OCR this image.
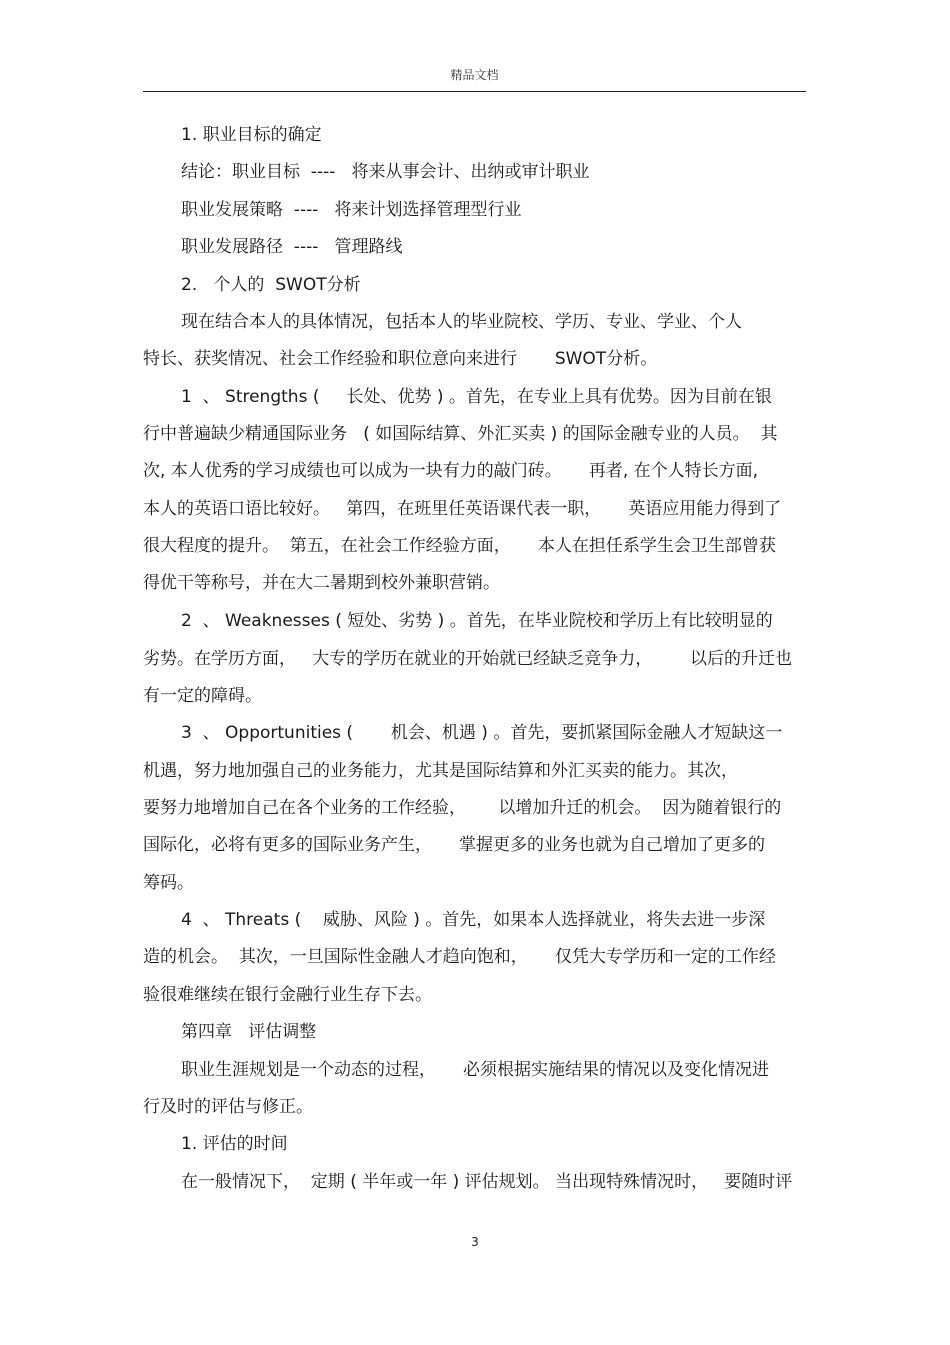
精品文档
1. 职业目标的确定
结论：职业目标  ----   将来从事会计、出纳或审计职业
职业发展策略  ----   将来计划选择管理型行业
职业发展路径  ----   管理路线
2.   个人的  SWOT分析
现在结合本人的具体情况，包括本人的毕业院校、学历、专业、学业、个人
特长、获奖情况、社会工作经验和职位意向来进行       SWOT分析。
1  、 Strengths (     长处、优势 ) 。首先，在专业上具有优势。因为目前在银
行中普遍缺少精通国际业务   ( 如国际结算、外汇买卖 ) 的国际金融专业的人员。  其
次, 本人优秀的学习成绩也可以成为一块有力的敲门砖。     再者, 在个人特长方面,
本人的英语口语比较好。   第四，在班里任英语课代表一职，     英语应用能力得到了
很大程度的提升。  第五，在社会工作经验方面，     本人在担任系学生会卫生部曾获
得优干等称号，并在大二暑期到校外兼职营销。
2  、 Weaknesses ( 短处、劣势 ) 。首先，在毕业院校和学历上有比较明显的
劣势。在学历方面，   大专的学历在就业的开始就已经缺乏竞争力，       以后的升迁也
有一定的障碍。
3  、 Opportunities (       机会、机遇 ) 。首先，要抓紧国际金融人才短缺这一
机遇，努力地加强自己的业务能力，尤其是国际结算和外汇买卖的能力。其次，
要努力地增加自己在各个业务的工作经验，      以增加升迁的机会。  因为随着银行的
国际化，必将有更多的国际业务产生，     掌握更多的业务也就为自己增加了更多的
筹码。
4  、 Threats (    威胁、风险 ) 。首先，如果本人选择就业，将失去进一步深
造的机会。  其次，一旦国际性金融人才趋向饱和，     仅凭大专学历和一定的工作经
验很难继续在银行金融行业生存下去。
第四章   评估调整
职业生涯规划是一个动态的过程，     必须根据实施结果的情况以及变化情况进
行及时的评估与修正。
1. 评估的时间
在一般情况下，  定期 ( 半年或一年 ) 评估规划。 当出现特殊情况时，   要随时评
3
